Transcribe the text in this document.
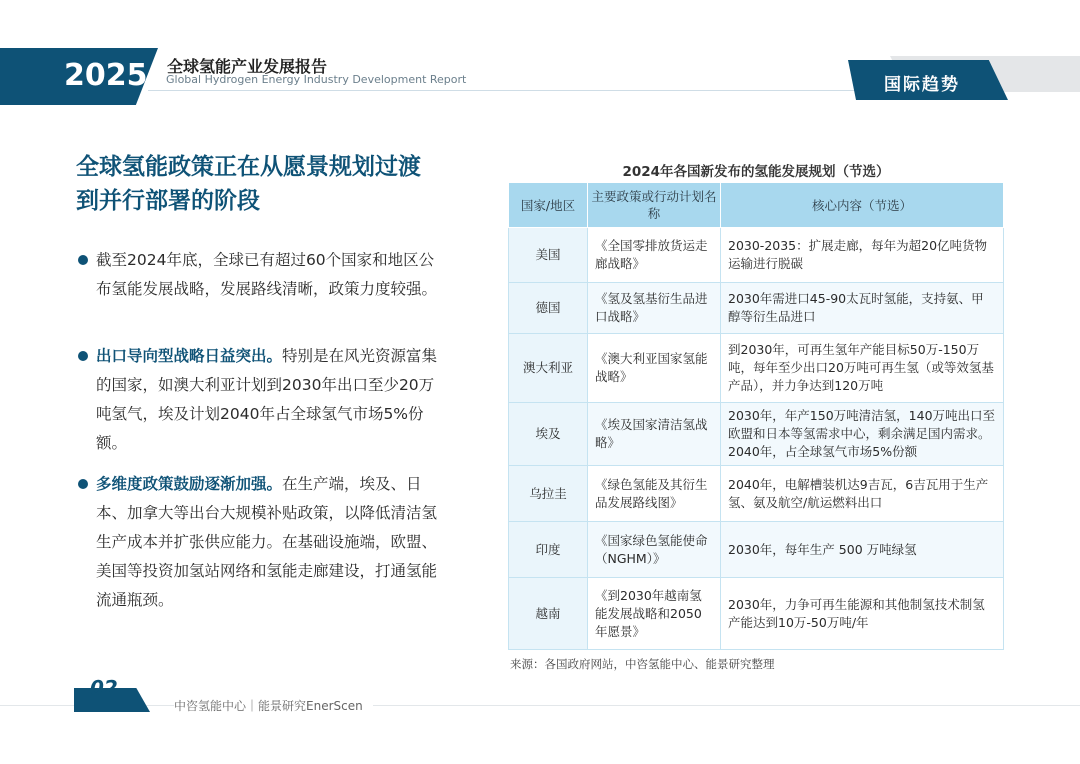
2025 全球氢能产业发展报告
Global Hydrogen Energy Industry Development Report	国际趋势
全球氢能政策正在从愿景规划过渡
到并行部署的阶段
截至2024年底，全球已有超过60个国家和地区公布氢能发展战略，发展路线清晰，政策力度较强。
出口导向型战略日益突出。特别是在风光资源富集的国家，如澳大利亚计划到2030年出口至少20万吨氢气，埃及计划2040年占全球氢气市场5%份额。
多维度政策鼓励逐渐加强。在生产端，埃及、日本、加拿大等出台大规模补贴政策，以降低清洁氢生产成本并扩张供应能力。在基础设施端，欧盟、美国等投资加氢站网络和氢能走廊建设，打通氢能流通瓶颈。
2024年各国新发布的氢能发展规划（节选）
国家/地区	主要政策或行动计划名称	核心内容（节选）
美国	《全国零排放货运走廊战略》	2030-2035：扩展走廊，每年为超20亿吨货物运输进行脱碳
德国	《氢及氢基衍生品进口战略》	2030年需进口45-90太瓦时氢能，支持氨、甲醇等衍生品进口
澳大利亚	《澳大利亚国家氢能战略》	到2030年，可再生氢年产能目标50万-150万吨，每年至少出口20万吨可再生氢（或等效氢基产品），并力争达到120万吨
埃及	《埃及国家清洁氢战略》	2030年，年产150万吨清洁氢，140万吨出口至欧盟和日本等氢需求中心，剩余满足国内需求。2040年，占全球氢气市场5%份额
乌拉圭	《绿色氢能及其衍生品发展路线图》	2040年，电解槽装机达9吉瓦，6吉瓦用于生产氢、氨及航空/航运燃料出口
印度	《国家绿色氢能使命（NGHM）》	2030年，每年生产 500 万吨绿氢
越南	《到2030年越南氢能发展战略和2050年愿景》	2030年，力争可再生能源和其他制氢技术制氢产能达到10万-50万吨/年
来源：各国政府网站，中咨氢能中心、能景研究整理
02
中咨氢能中心｜能景研究EnerScen
